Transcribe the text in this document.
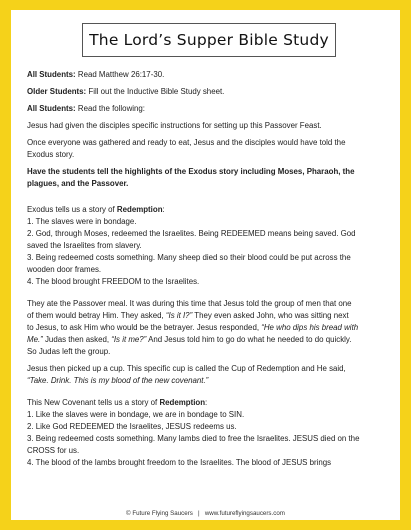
The Lord’s Supper Bible Study

All Students: Read Matthew 26:17-30.

Older Students: Fill out the Inductive Bible Study sheet.

All Students: Read the following:

Jesus had given the disciples specific instructions for setting up this Passover Feast.

Once everyone was gathered and ready to eat, Jesus and the disciples would have told the
Exodus story.

Have the students tell the highlights of the Exodus story including Moses, Pharaoh, the
plagues, and the Passover.

Exodus tells us a story of Redemption:

1. The slaves were in bondage.
2. God, through Moses, redeemed the Israelites. Being REDEEMED means being saved. God
saved the Israelites from slavery.
3. Being redeemed costs something. Many sheep died so their blood could be put across the
wooden door frames.
4. The blood brought FREEDOM to the Israelites.

They ate the Passover meal. It was during this time that Jesus told the group of men that one
of them would betray Him. They asked, “Is it I?” They even asked John, who was sitting next
to Jesus, to ask Him who would be the betrayer. Jesus responded, “He who dips his bread with
Me.” Judas then asked, “Is it me?” And Jesus told him to go do what he needed to do quickly.
So Judas left the group.

Jesus then picked up a cup. This specific cup is called the Cup of Redemption and He said,
“Take. Drink. This is my blood of the new covenant.”

This New Covenant tells us a story of Redemption:

1. Like the slaves were in bondage, we are in bondage to SIN.
2. Like God REDEEMED the Israelites, JESUS redeems us.
3. Being redeemed costs something. Many lambs died to free the Israelites. JESUS died on the
CROSS for us.
4. The blood of the lambs brought freedom to the Israelites. The blood of JESUS brings

© Future Flying Saucers | www.futureflyingsaucers.com
